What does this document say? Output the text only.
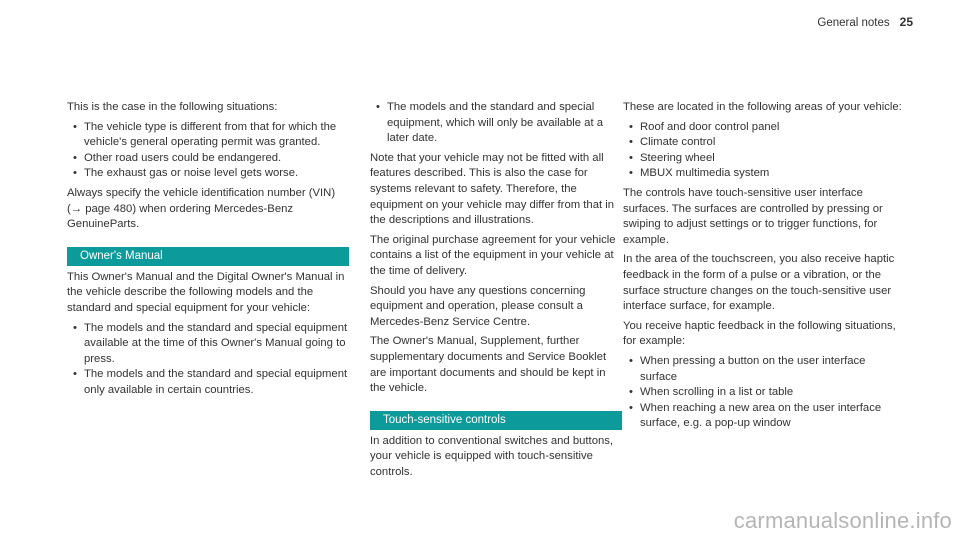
General notes 25

This is the case in the following situations:

• The vehicle type is different from that for which the vehicle's general operating permit was granted.
• Other road users could be endangered.
• The exhaust gas or noise level gets worse.

Always specify the vehicle identification number (VIN) (→ page 480) when ordering Mercedes-Benz GenuineParts.

Owner's Manual

This Owner's Manual and the Digital Owner's Manual in the vehicle describe the following models and the standard and special equipment for your vehicle:

• The models and the standard and special equipment available at the time of this Owner's Manual going to press.
• The models and the standard and special equipment only available in certain countries.
• The models and the standard and special equipment, which will only be available at a later date.

Note that your vehicle may not be fitted with all features described. This is also the case for systems relevant to safety. Therefore, the equipment on your vehicle may differ from that in the descriptions and illustrations.

The original purchase agreement for your vehicle contains a list of the equipment in your vehicle at the time of delivery.

Should you have any questions concerning equipment and operation, please consult a Mercedes-Benz Service Centre.

The Owner's Manual, Supplement, further supplementary documents and Service Booklet are important documents and should be kept in the vehicle.

Touch-sensitive controls

In addition to conventional switches and buttons, your vehicle is equipped with touch-sensitive controls.

These are located in the following areas of your vehicle:

• Roof and door control panel
• Climate control
• Steering wheel
• MBUX multimedia system

The controls have touch-sensitive user interface surfaces. The surfaces are controlled by pressing or swiping to adjust settings or to trigger functions, for example.

In the area of the touchscreen, you also receive haptic feedback in the form of a pulse or a vibration, or the surface structure changes on the touch-sensitive user interface surface, for example.

You receive haptic feedback in the following situations, for example:

• When pressing a button on the user interface surface
• When scrolling in a list or table
• When reaching a new area on the user interface surface, e.g. a pop-up window
carmanualsonline.info
